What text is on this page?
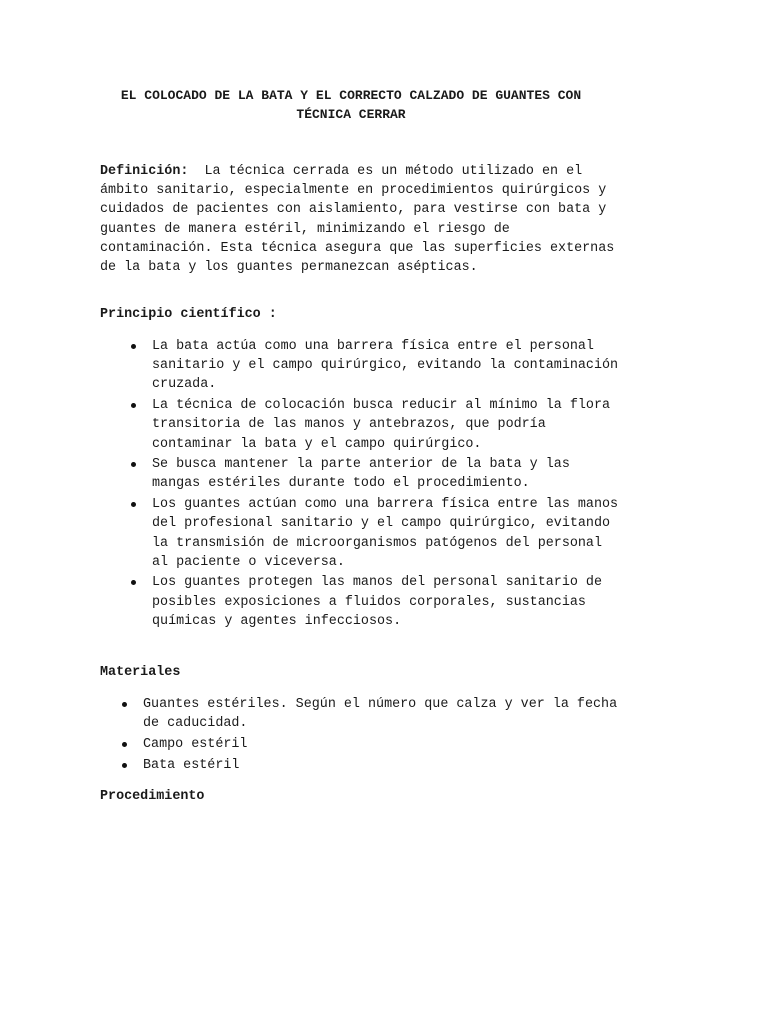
EL COLOCADO DE LA BATA Y EL CORRECTO CALZADO DE GUANTES CON
TÉCNICA CERRAR
Definición: La técnica cerrada es un método utilizado en el ámbito sanitario, especialmente en procedimientos quirúrgicos y cuidados de pacientes con aislamiento, para vestirse con bata y guantes de manera estéril, minimizando el riesgo de contaminación. Esta técnica asegura que las superficies externas de la bata y los guantes permanezcan asépticas.
Principio científico :
La bata actúa como una barrera física entre el personal sanitario y el campo quirúrgico, evitando la contaminación cruzada.
La técnica de colocación busca reducir al mínimo la flora transitoria de las manos y antebrazos, que podría contaminar la bata y el campo quirúrgico.
Se busca mantener la parte anterior de la bata y las mangas estériles durante todo el procedimiento.
Los guantes actúan como una barrera física entre las manos del profesional sanitario y el campo quirúrgico, evitando la transmisión de microorganismos patógenos del personal al paciente o viceversa.
Los guantes protegen las manos del personal sanitario de posibles exposiciones a fluidos corporales, sustancias químicas y agentes infecciosos.
Materiales
Guantes estériles. Según el número que calza y ver la fecha de caducidad.
Campo estéril
Bata estéril
Procedimiento
